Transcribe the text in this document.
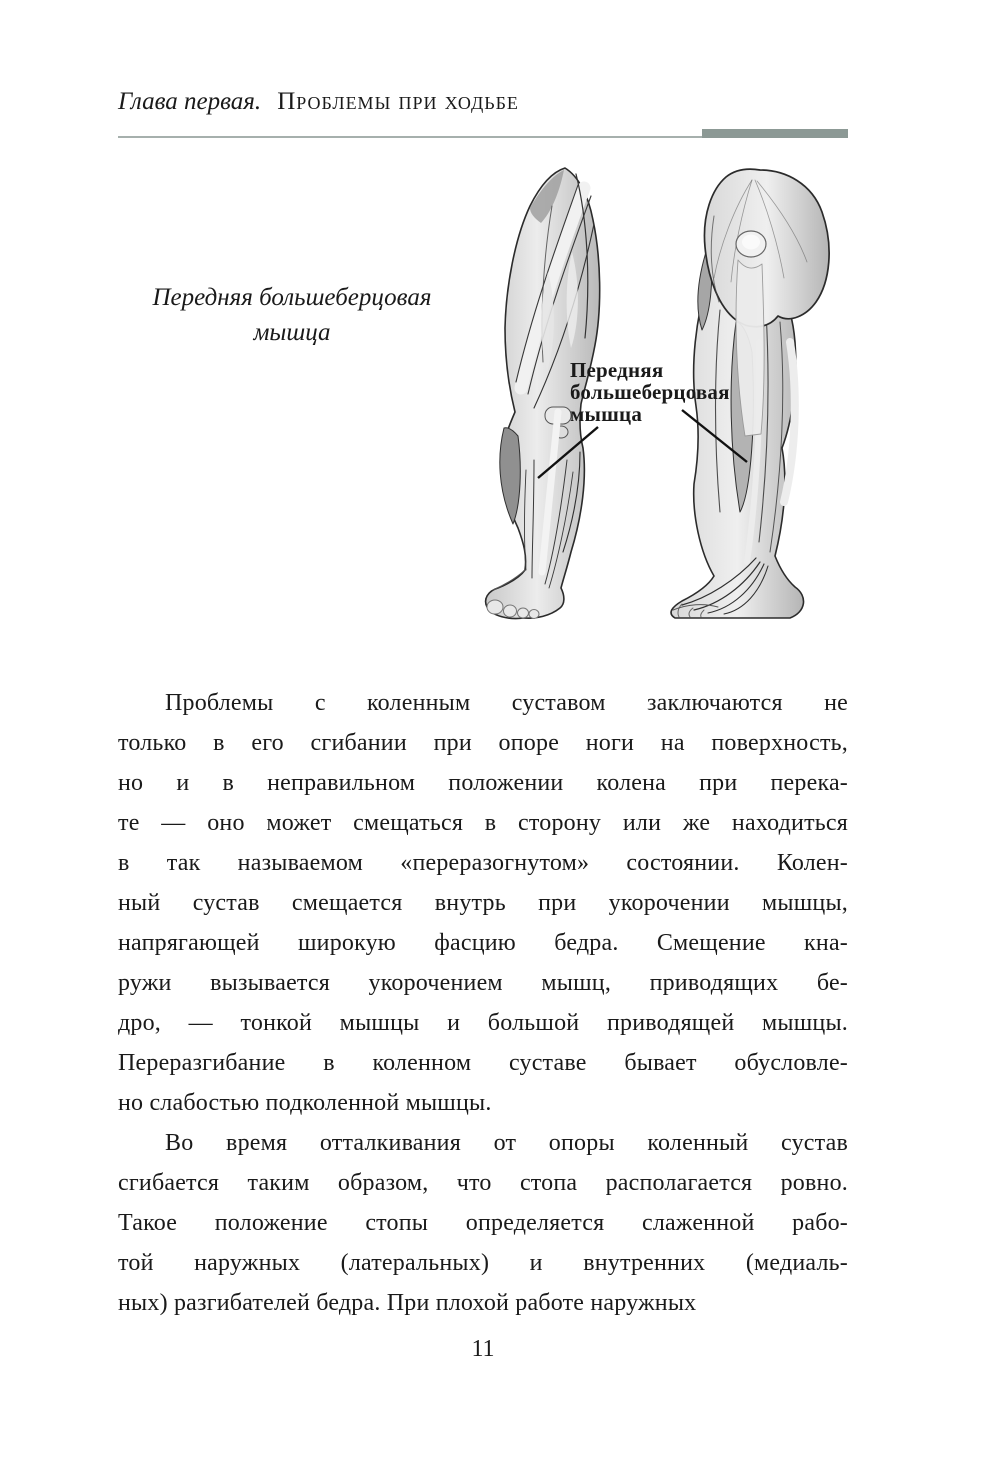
Глава первая. Проблемы при ходьбе
Передняя большеберцовая
мышца
Передняя
большеберцовая
мышца
Проблемы с коленным суставом заключаются не
только в его сгибании при опоре ноги на поверхность,
но и в неправильном положении колена при перека-
те — оно может смещаться в сторону или же находиться
в так называемом «переразогнутом» состоянии. Колен-
ный сустав смещается внутрь при укорочении мышцы,
напрягающей широкую фасцию бедра. Смещение кна-
ружи вызывается укорочением мышц, приводящих бе-
дро, — тонкой мышцы и большой приводящей мышцы.
Переразгибание в коленном суставе бывает обусловле-
но слабостью подколенной мышцы.
Во время отталкивания от опоры коленный сустав
сгибается таким образом, что стопа располагается ровно.
Такое положение стопы определяется слаженной рабо-
той наружных (латеральных) и внутренних (медиаль-
ных) разгибателей бедра. При плохой работе наружных
11
